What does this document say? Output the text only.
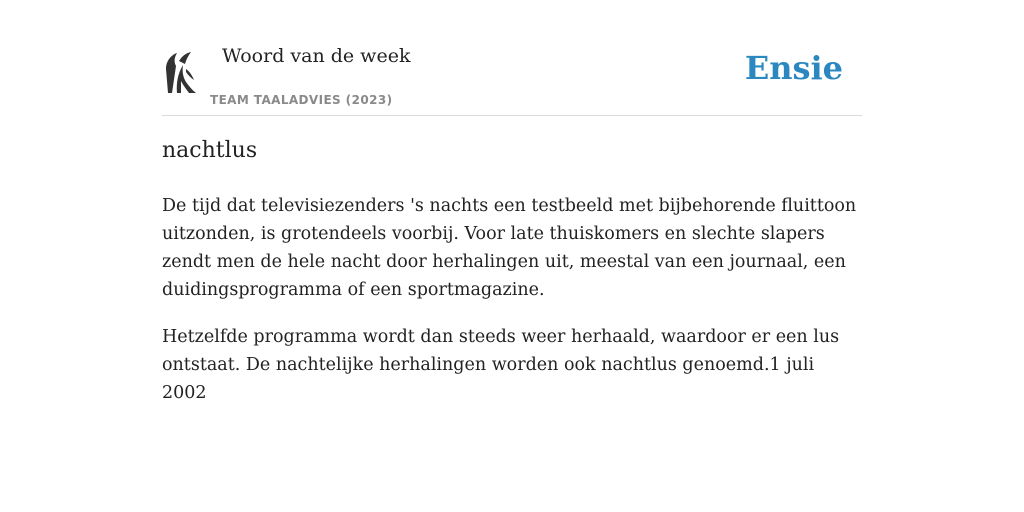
Woord van de week
TEAM TAALADVIES (2023)
Ensie
nachtlus

De tijd dat televisiezenders 's nachts een testbeeld met bijbehorende fluittoon uitzonden, is grotendeels voorbij. Voor late thuiskomers en slechte slapers zendt men de hele nacht door herhalingen uit, meestal van een journaal, een duidingsprogramma of een sportmagazine.

Hetzelfde programma wordt dan steeds weer herhaald, waardoor er een lus ontstaat. De nachtelijke herhalingen worden ook nachtlus genoemd.1 juli 2002
